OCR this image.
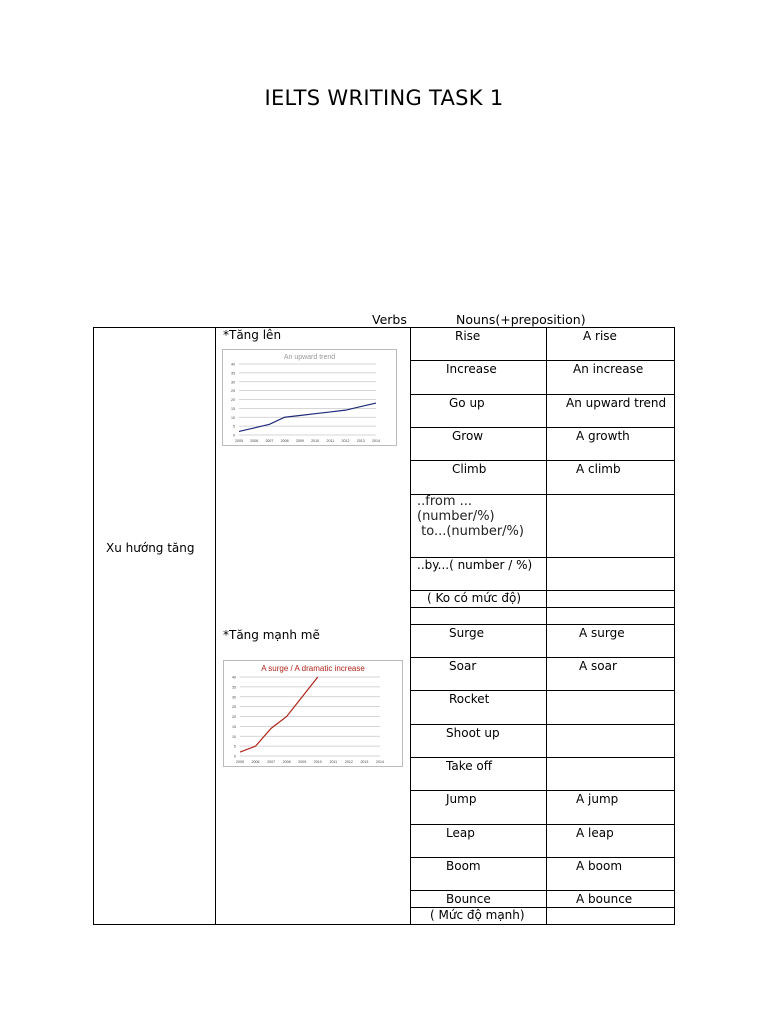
IELTS WRITING TASK 1
Verbs	Nouns(+preposition)
Xu hướng tăng
*Tăng lên
*Tăng mạnh mẽ
An upward trend
0
5
10
15
20
25
30
35
40
2005 2006 2007 2008 2009 2010 2011 2012 2013 2014
A surge / A dramatic increase
0
5
10
15
20
25
30
35
40
2005 2006 2007 2008 2009 2010 2011 2012 2013 2014
Rise	A rise
Increase	An increase
Go up	An upward trend
Grow	A growth
Climb	A climb
..from ...
(number/%)
to...(number/%)
..by...( number / %)
( Ko có mức độ)
Surge	A surge
Soar	A soar
Rocket
Shoot up
Take off
Jump	A jump
Leap	A leap
Boom	A boom
Bounce	A bounce
( Mức độ mạnh)
